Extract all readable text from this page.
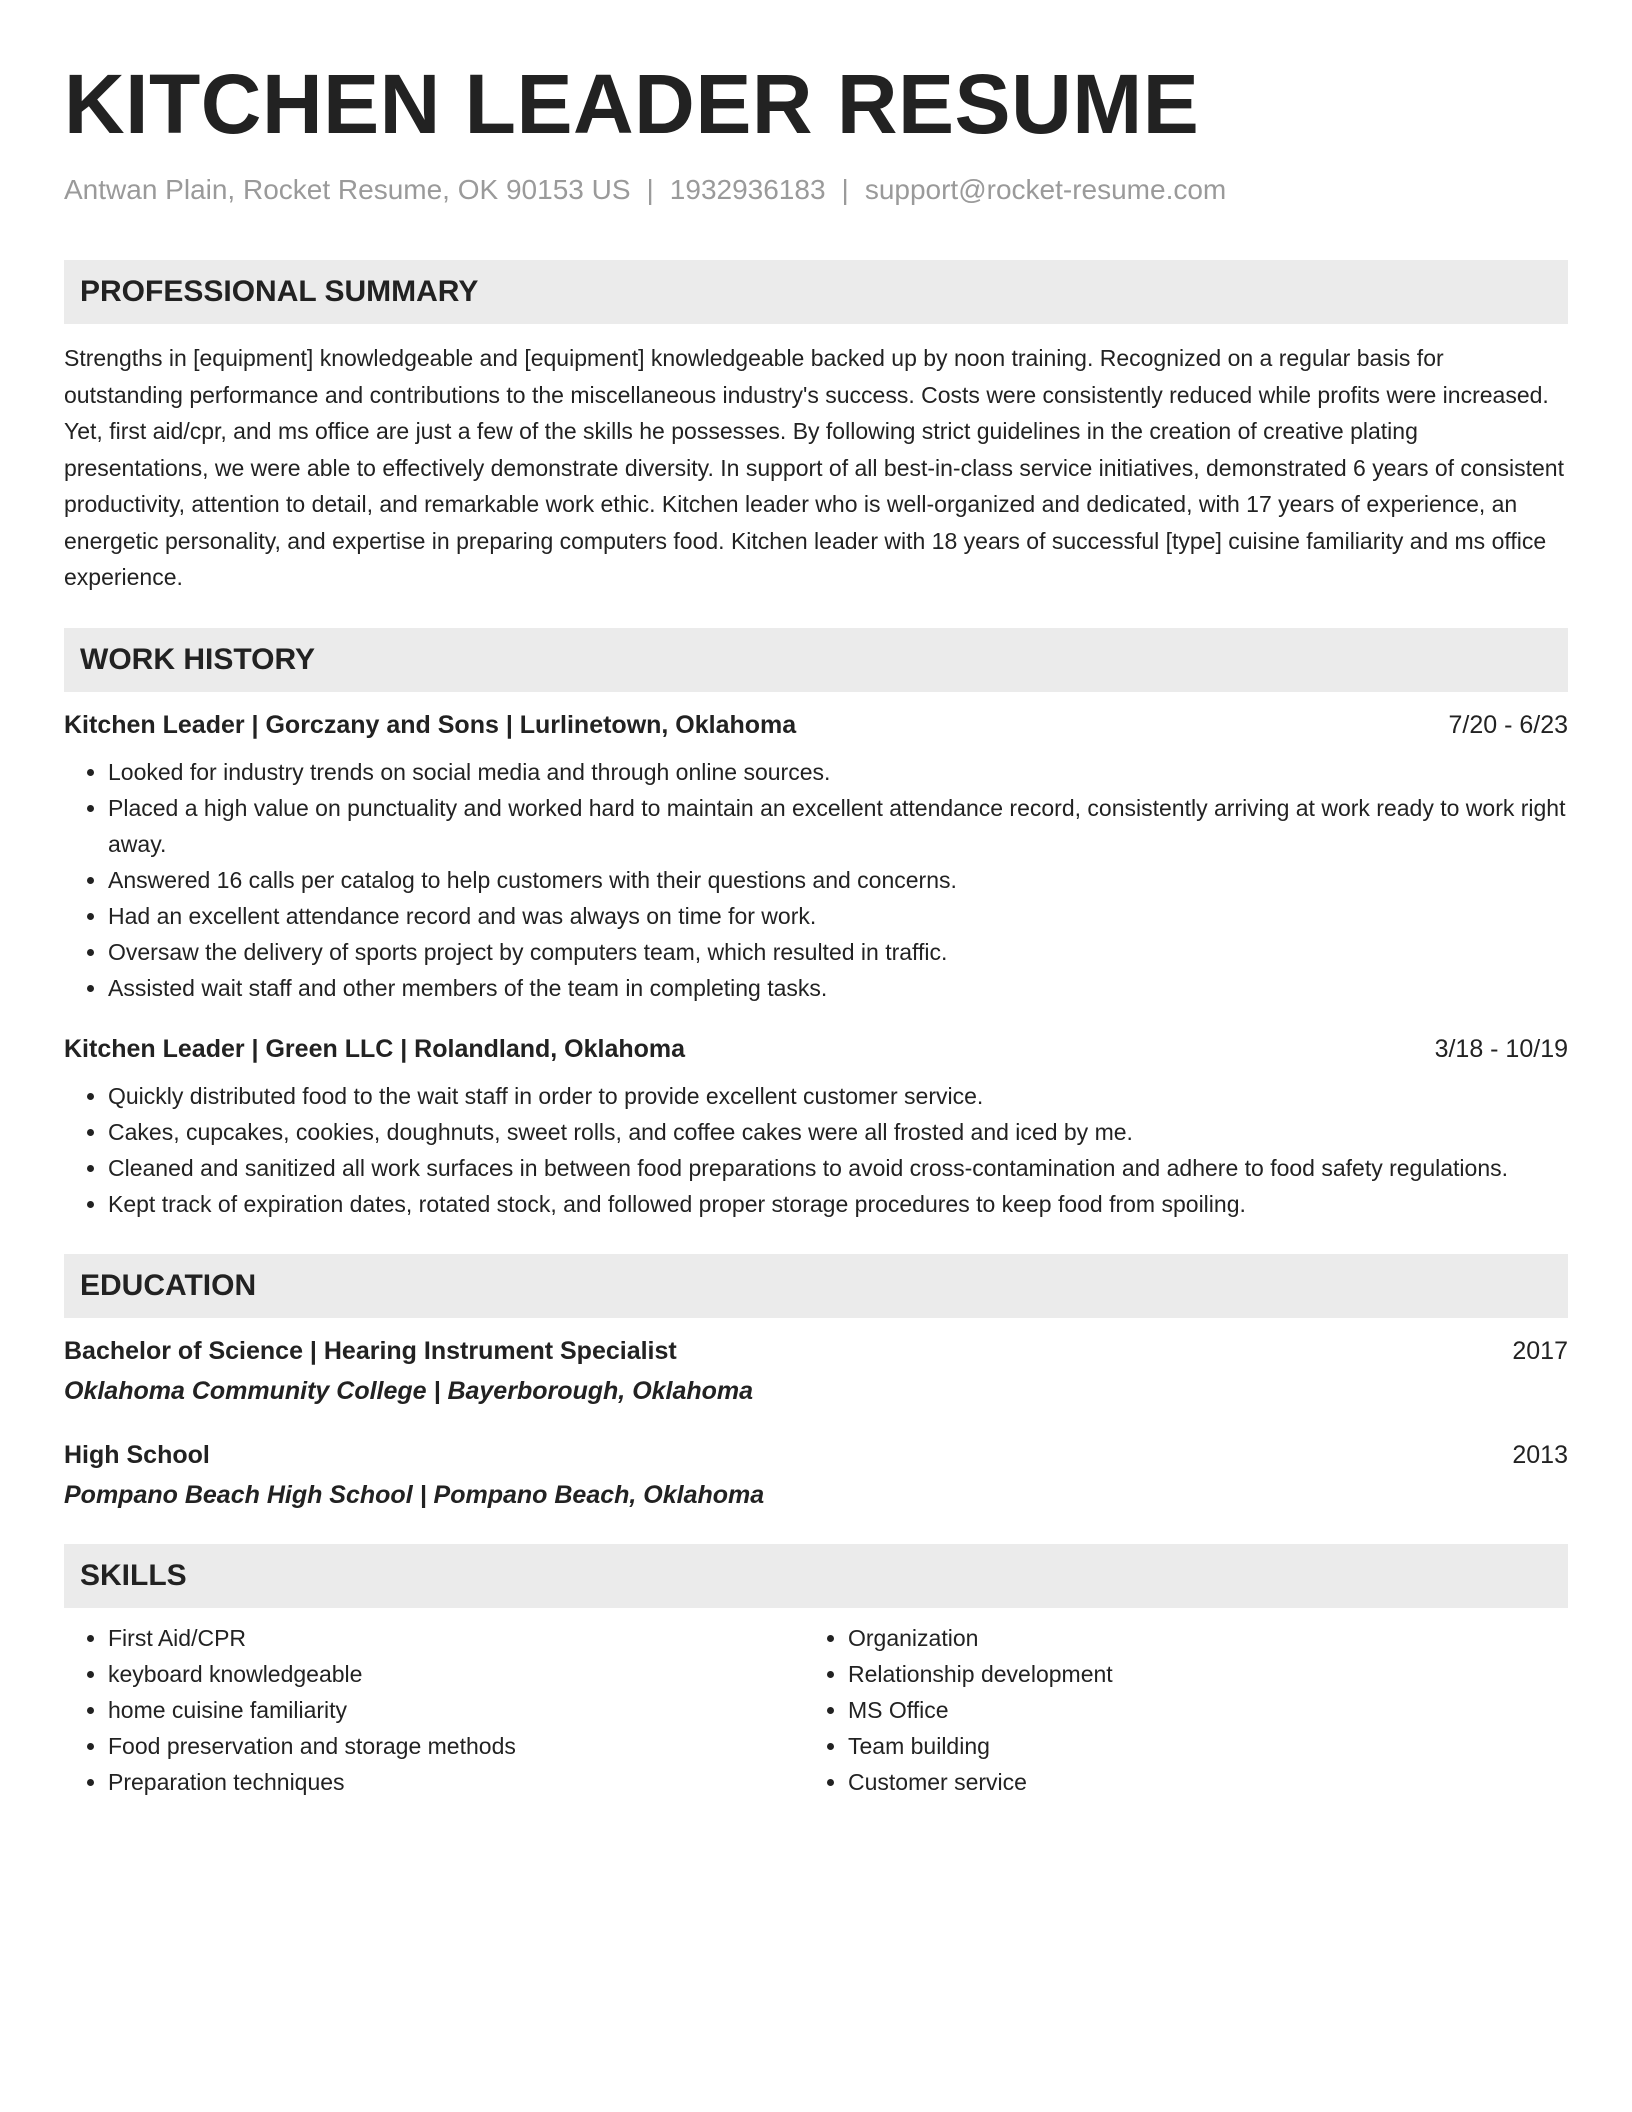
KITCHEN LEADER RESUME
Antwan Plain, Rocket Resume, OK 90153 US | 1932936183 | support@rocket-resume.com
PROFESSIONAL SUMMARY
Strengths in [equipment] knowledgeable and [equipment] knowledgeable backed up by noon training. Recognized on a regular basis for outstanding performance and contributions to the miscellaneous industry's success. Costs were consistently reduced while profits were increased. Yet, first aid/cpr, and ms office are just a few of the skills he possesses. By following strict guidelines in the creation of creative plating presentations, we were able to effectively demonstrate diversity. In support of all best-in-class service initiatives, demonstrated 6 years of consistent productivity, attention to detail, and remarkable work ethic. Kitchen leader who is well-organized and dedicated, with 17 years of experience, an energetic personality, and expertise in preparing computers food. Kitchen leader with 18 years of successful [type] cuisine familiarity and ms office experience.
WORK HISTORY
Kitchen Leader | Gorczany and Sons | Lurlinetown, Oklahoma	7/20 - 6/23
• Looked for industry trends on social media and through online sources.
• Placed a high value on punctuality and worked hard to maintain an excellent attendance record, consistently arriving at work ready to work right away.
• Answered 16 calls per catalog to help customers with their questions and concerns.
• Had an excellent attendance record and was always on time for work.
• Oversaw the delivery of sports project by computers team, which resulted in traffic.
• Assisted wait staff and other members of the team in completing tasks.
Kitchen Leader | Green LLC | Rolandland, Oklahoma	3/18 - 10/19
• Quickly distributed food to the wait staff in order to provide excellent customer service.
• Cakes, cupcakes, cookies, doughnuts, sweet rolls, and coffee cakes were all frosted and iced by me.
• Cleaned and sanitized all work surfaces in between food preparations to avoid cross-contamination and adhere to food safety regulations.
• Kept track of expiration dates, rotated stock, and followed proper storage procedures to keep food from spoiling.
EDUCATION
Bachelor of Science | Hearing Instrument Specialist	2017
Oklahoma Community College | Bayerborough, Oklahoma
High School	2013
Pompano Beach High School | Pompano Beach, Oklahoma
SKILLS
• First Aid/CPR
• keyboard knowledgeable
• home cuisine familiarity
• Food preservation and storage methods
• Preparation techniques
• Organization
• Relationship development
• MS Office
• Team building
• Customer service
